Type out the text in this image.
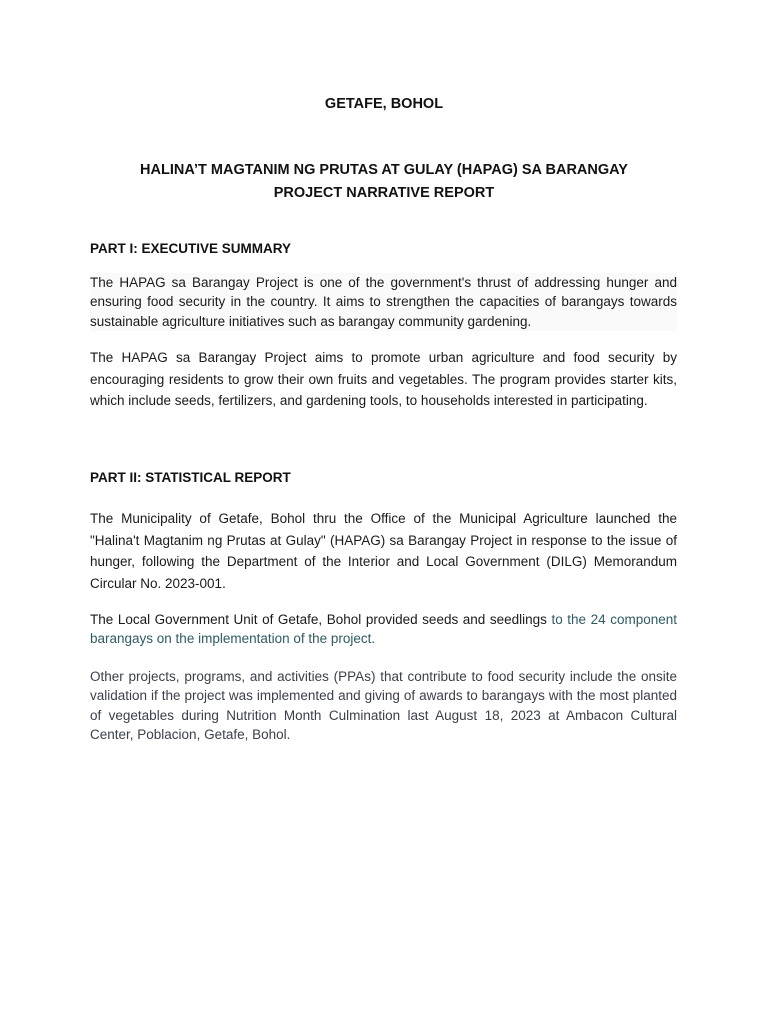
GETAFE, BOHOL
HALINA’T MAGTANIM NG PRUTAS AT GULAY (HAPAG) SA BARANGAY
PROJECT NARRATIVE REPORT
PART I: EXECUTIVE SUMMARY

The HAPAG sa Barangay Project is one of the government's thrust of addressing hunger and ensuring food security in the country. It aims to strengthen the capacities of barangays towards sustainable agriculture initiatives such as barangay community gardening.

The HAPAG sa Barangay Project aims to promote urban agriculture and food security by encouraging residents to grow their own fruits and vegetables. The program provides starter kits, which include seeds, fertilizers, and gardening tools, to households interested in participating.

PART II: STATISTICAL REPORT

The Municipality of Getafe, Bohol thru the Office of the Municipal Agriculture launched the "Halina't Magtanim ng Prutas at Gulay" (HAPAG) sa Barangay Project in response to the issue of hunger, following the Department of the Interior and Local Government (DILG) Memorandum Circular No. 2023-001.

The Local Government Unit of Getafe, Bohol provided seeds and seedlings to the 24 component barangays on the implementation of the project.

Other projects, programs, and activities (PPAs) that contribute to food security include the onsite validation if the project was implemented and giving of awards to barangays with the most planted of vegetables during Nutrition Month Culmination last August 18, 2023 at Ambacon Cultural Center, Poblacion, Getafe, Bohol.
